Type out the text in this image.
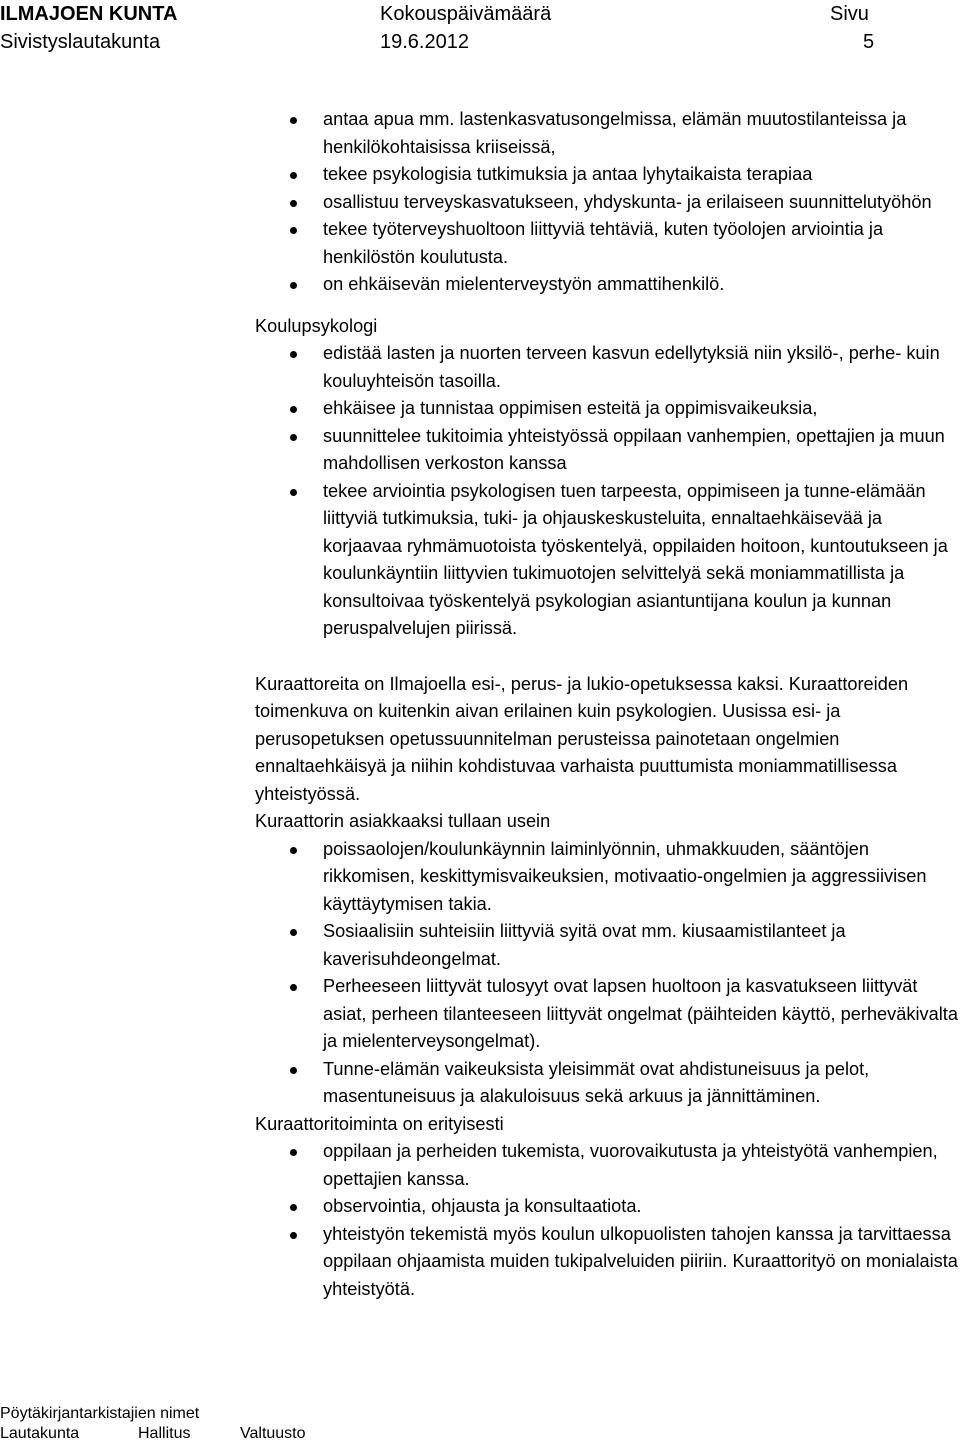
ILMAJOEN KUNTA
Sivistyslautakunta
Kokouspäivämäärä
19.6.2012
Sivu
5
antaa apua mm. lastenkasvatusongelmissa, elämän muutostilanteissa ja henkilökohtaisissa kriiseissä,
tekee psykologisia tutkimuksia ja antaa lyhytaikaista terapiaa
osallistuu terveyskasvatukseen, yhdyskunta- ja erilaiseen suunnittelutyöhön
tekee työterveyshuoltoon liittyviä tehtäviä, kuten työolojen arviointia ja henkilöstön koulutusta.
on ehkäisevän mielenterveystyön ammattihenkilö.

Koulupsykologi

edistää lasten ja nuorten terveen kasvun edellytyksiä niin yksilö-, perhe- kuin kouluyhteisön tasoilla.
ehkäisee ja tunnistaa oppimisen esteitä ja oppimisvaikeuksia,
suunnittelee tukitoimia yhteistyössä oppilaan vanhempien, opettajien ja muun mahdollisen verkoston kanssa
tekee arviointia psykologisen tuen tarpeesta, oppimiseen ja tunne-elämään liittyviä tutkimuksia, tuki- ja ohjauskeskusteluita, ennaltaehkäisevää ja korjaavaa ryhmämuotoista työskentelyä, oppilaiden hoitoon, kuntoutukseen ja koulunkäyntiin liittyvien tukimuotojen selvittelyä sekä moniammatillista ja konsultoivaa työskentelyä psykologian asiantuntijana koulun ja kunnan peruspalvelujen piirissä.

Kuraattoreita on Ilmajoella esi-, perus- ja lukio-opetuksessa kaksi. Kuraattoreiden toimenkuva on kuitenkin aivan erilainen kuin psykologien. Uusissa esi- ja perusopetuksen opetussuunnitelman perusteissa painotetaan ongelmien ennaltaehkäisyä ja niihin kohdistuvaa varhaista puuttumista moniammatillisessa yhteistyössä.

Kuraattorin asiakkaaksi tullaan usein

poissaolojen/koulunkäynnin laiminlyönnin, uhmakkuuden, sääntöjen rikkomisen, keskittymisvaikeuksien, motivaatio-ongelmien ja aggressiivisen käyttäytymisen takia.
Sosiaalisiin suhteisiin liittyviä syitä ovat mm. kiusaamistilanteet ja kaverisuhdeongelmat.
Perheeseen liittyvät tulosyyt ovat lapsen huoltoon ja kasvatukseen liittyvät asiat, perheen tilanteeseen liittyvät ongelmat (päihteiden käyttö, perheväkivalta ja mielenterveysongelmat).
Tunne-elämän vaikeuksista yleisimmät ovat ahdistuneisuus ja pelot, masentuneisuus ja alakuloisuus sekä arkuus ja jännittäminen.

Kuraattoritoiminta on erityisesti

oppilaan ja perheiden tukemista, vuorovaikutusta ja yhteistyötä vanhempien, opettajien kanssa.
observointia, ohjausta ja konsultaatiota.
yhteistyön tekemistä myös koulun ulkopuolisten tahojen kanssa ja tarvittaessa oppilaan ohjaamista muiden tukipalveluiden piiriin. Kuraattorityö on monialaista yhteistyötä.
Pöytäkirjantarkistajien nimet
Lautakunta	Hallitus	Valtuusto
